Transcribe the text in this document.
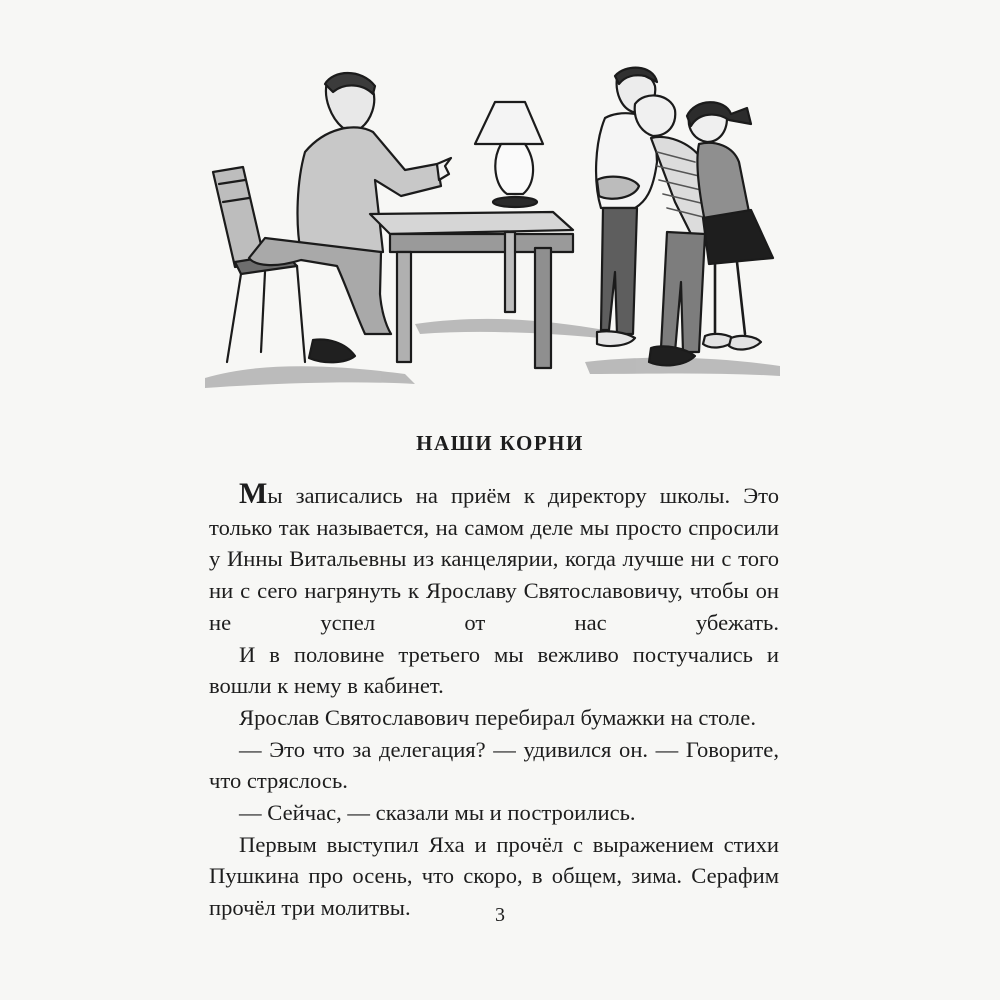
НАШИ КОРНИ

Мы записались на приём к директору школы. Это только так называется, на самом деле мы просто спросили у Инны Витальевны из канцелярии, когда лучше ни с того ни с сего нагрянуть к Ярославу Святославовичу, чтобы он не успел от нас убежать.

И в половине третьего мы вежливо постучались и вошли к нему в кабинет.

Ярослав Святославович перебирал бумажки на столе.

— Это что за делегация? — удивился он. — Говорите, что стряслось.

— Сейчас, — сказали мы и построились.

Первым выступил Яха и прочёл с выражением стихи Пушкина про осень, что скоро, в общем, зима. Серафим прочёл три молитвы.	3
